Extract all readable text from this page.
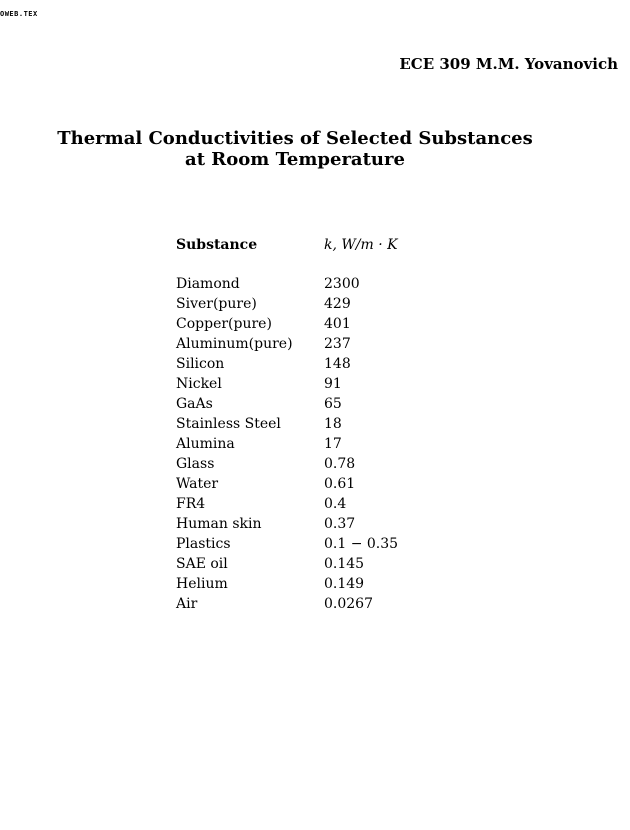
OWEB.TEX
ECE 309 M.M. Yovanovich
Thermal Conductivities of Selected Substances
at Room Temperature
Substance	k, W/m · K

Diamond	2300
Siver(pure)	429
Copper(pure)	401
Aluminum(pure)	237
Silicon	148
Nickel	91
GaAs	65
Stainless Steel	18
Alumina	17
Glass	0.78
Water	0.61
FR4	0.4
Human skin	0.37
Plastics	0.1 − 0.35
SAE oil	0.145
Helium	0.149
Air	0.0267
